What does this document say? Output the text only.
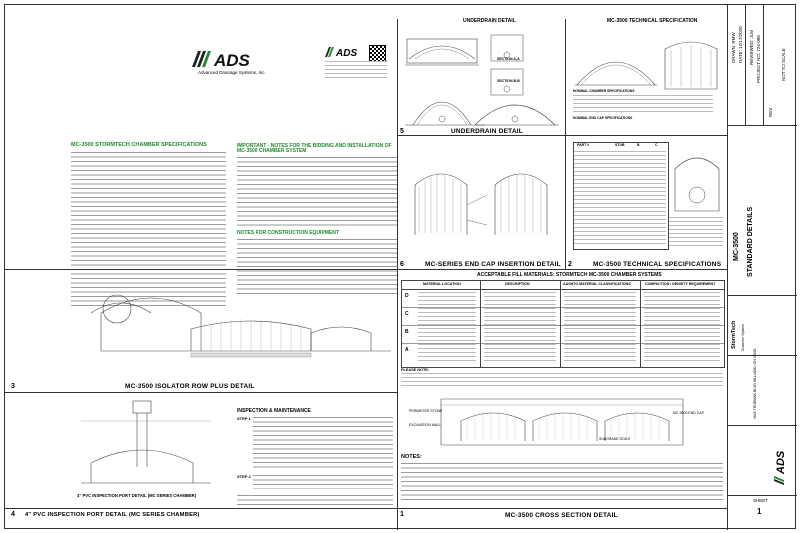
ADS
Advanced Drainage Systems, Inc.
ADS
MC-3500 STORMTECH CHAMBER SPECIFICATIONS	IMPORTANT - NOTES FOR THE BIDDING AND INSTALLATION OF MC-3500 CHAMBER SYSTEM
NOTES FOR CONSTRUCTION EQUIPMENT
UNDERDRAIN DETAIL
SECTION A-A
SECTION B-B
5	UNDERDRAIN DETAIL
MC-3500 TECHNICAL SPECIFICATION
NOMINAL CHAMBER SPECIFICATIONS
NOMINAL END CAP SPECIFICATIONS
PART #	STUB	B	C
2	MC-3500 TECHNICAL SPECIFICATIONS
6	MC-SERIES END CAP INSERTION DETAIL
3	MC-3500 ISOLATOR ROW PLUS DETAIL
4" PVC INSPECTION PORT DETAIL (MC SERIES CHAMBER)
INSPECTION & MAINTENANCE
STEP 1
STEP 2
4 4" PVC INSPECTION PORT DETAIL (MC SERIES CHAMBER)
ACCEPTABLE FILL MATERIALS: STORMTECH MC-3500 CHAMBER SYSTEMS
MATERIAL LOCATION	DESCRIPTION	AASHTO MATERIAL CLASSIFICATIONS	COMPACTION / DENSITY REQUIREMENT
D
C
B
A
PLEASE NOTE:
PERIMETER STONE
EXCAVATION WALL
SUBGRADE SOILS
MC-3500 END CAP
NOTES:
1	MC-3500 CROSS SECTION DETAIL
DRAWN: RMW DATE: 12/17/2020 REVIEWED: JLM PROJECT NO: 724-086
REV
NOT TO SCALE
MC-3500 STANDARD DETAILS
StormTech Chamber System
4640 TRUEMAN BLVD HILLIARD, OH 43026
ADS
SHEET
1
